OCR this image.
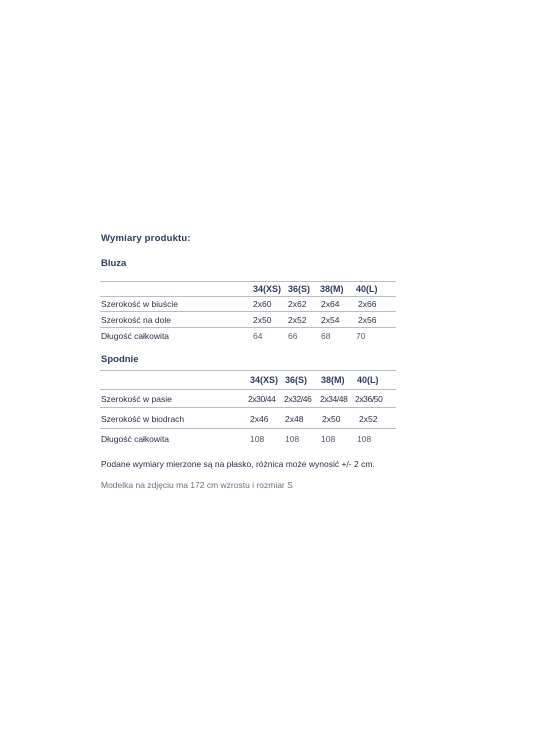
Wymiary produktu:
Bluza
34(XS) 36(S) 38(M) 40(L)
Szerokość w biuście	2x60 2x62 2x64 2x66
Szerokość na dole	2x50 2x52 2x54 2x56
Długość całkowita	64	66	68	70
Spodnie
34(XS) 36(S) 38(M) 40(L)
Szerokość w pasie	2x30/44 2x32/46 2x34/48 2x36/50
Szerokość w biodrach	2x46 2x48 2x50 2x52
Długość całkowita	108 108	108	108
Podane wymiary mierzone są na płasko, różnica może wynosić +/- 2 cm.
Modelka na zdjęciu ma 172 cm wzrostu i rozmiar S
